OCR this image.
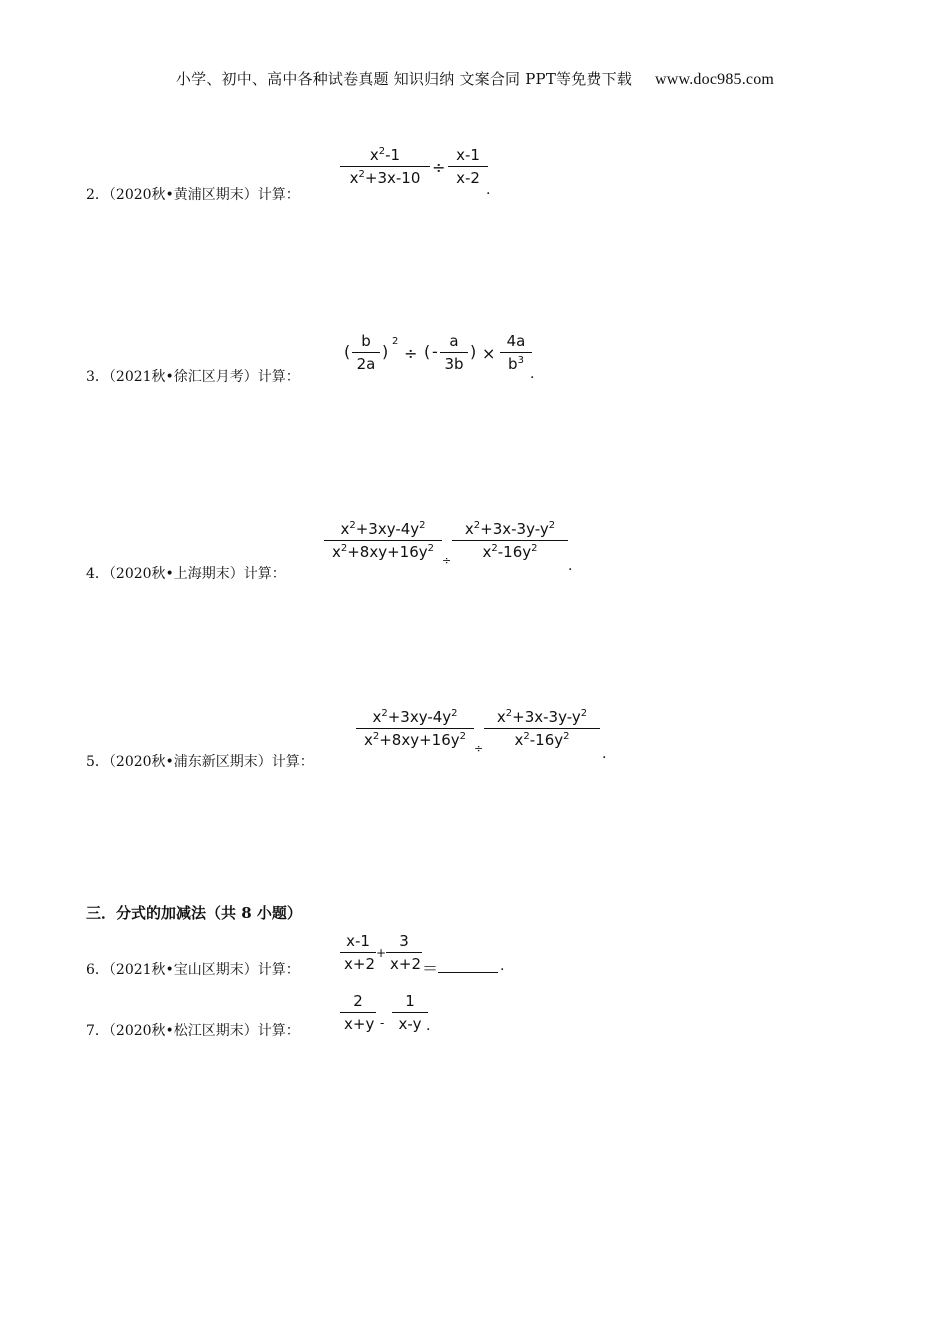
小学、初中、高中各种试卷真题 知识归纳 文案合同 PPT等免费下载 www.doc985.com
2．（2020秋•黄浦区期末）计算：
$x^2-1$
$x^2+3x-10$
÷
x-1
x-2
.
3．（2021秋•徐汇区月考）计算：
(
b
2a
)
2
÷ ( -
a
3b
) ×
4a
$b^3$
.
4．（2020秋•上海期末）计算：
$x^2+3xy-4y^2$
$x^2+8xy+16y^2$
÷
$x^2+3x-3y-y^2$
$x^2-16y^2$
.
5．（2020秋•浦东新区期末）计算：
$x^2+3xy-4y^2$
$x^2+8xy+16y^2$
÷
$x^2+3x-3y-y^2$
$x^2-16y^2$
.
三．分式的加减法（共 8 小题）
6．（2021秋•宝山区期末）计算：
x-1
x+2
+
3
x+2 ＝	.
7．（2020秋•松江区期末）计算：
2
x+y -
1
x-y .
